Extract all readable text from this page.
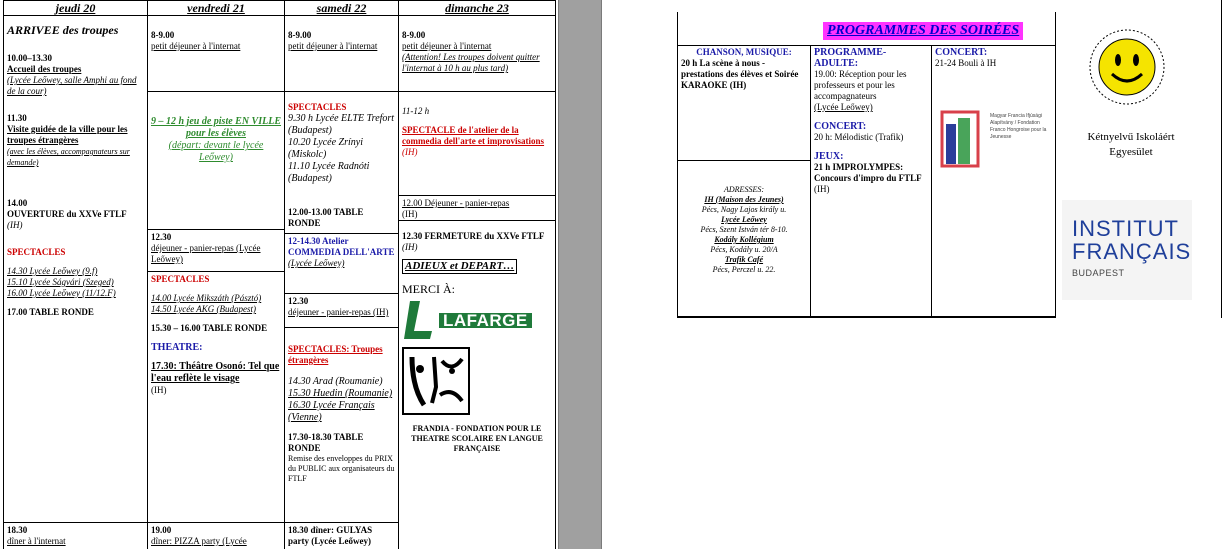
jeudi 20
ARRIVEE des troupes
10.00–13.30
Accueil des troupes
(Lycée Leőwey, salle Amphi au fond de la cour)
11.30
Visite guidée de la ville pour les troupes étrangères
(avec les élèves, accompagnateurs sur demande)
14.00
OUVERTURE du XXVe FTLF
(IH)
SPECTACLES
14.30 Lycée Leőwey (9.f)
15.10 Lycée Ságvári (Szeged)
16.00 Lycée Leőwey (11/12.F)
17.00 TABLE RONDE
18.30
dîner à l'internat
vendredi 21
8-9.00
petit déjeuner à l'internat
9 – 12 h jeu de piste EN VILLE pour les élèves
(départ: devant le lycée Leőwey)
12.30
déjeuner - panier-repas (Lycée Leőwey)
SPECTACLES
14.00 Lycée Mikszáth (Pásztó)
14.50 Lycée AKG (Budapest)
15.30 – 16.00 TABLE RONDE
THEATRE:
17.30: Théâtre Osonó: Tel que l'eau reflète le visage
(IH)
19.00
dîner: PIZZA party (Lycée
samedi 22
8-9.00
petit déjeuner à l'internat
SPECTACLES
9.30 h Lycée ELTE Trefort (Budapest)
10.20 Lycée Zrínyi (Miskolc)
11.10 Lycée Radnóti (Budapest)
12.00-13.00 TABLE RONDE
12-14.30 Atelier COMMEDIA DELL'ARTE
(Lycée Leőwey)
12.30
déjeuner - panier-repas (IH)
SPECTACLES: Troupes étrangères
14.30 Arad (Roumanie)
15.30 Huedin (Roumanie)
16.30 Lycée Français (Vienne)
17.30-18.30 TABLE RONDE
Remise des enveloppes du PRIX du PUBLIC aux organisateurs du FTLF
18.30 dîner: GULYAS party (Lycée Leőwey)
dimanche 23
8-9.00
petit déjeuner à l'internat
(Attention! Les troupes doivent quitter l'internat à 10 h au plus tard)
11-12 h
SPECTACLE de l'atelier de la commedia dell'arte et improvisations
(IH)
12.00 Déjeuner - panier-repas
(IH)
12.30 FERMETURE du XXVe FTLF
(IH)
ADIEUX et DEPART…
MERCI À:
LAFARGE
FRANDIA - FONDATION POUR LE THEATRE SCOLAIRE EN LANGUE FRANÇAISE
PROGRAMMES DES SOIRÉES
CHANSON, MUSIQUE:
20 h La scène à nous - prestations des élèves et Soirée KARAOKE (IH)
ADRESSES:
IH (Maison des Jeunes)
Pécs, Nagy Lajos király u.
Lycée Leőwey
Pécs, Szent István tér 8-10.
Kodály Kollégium
Pécs, Kodály u. 20/A
Trafik Café
Pécs, Perczel u. 22.
PROGRAMME-ADULTE:
19.00: Réception pour les professeurs et pour les accompagnateurs
(Lycée Leőwey)
CONCERT:
20 h: Mélodistic (Trafik)
JEUX:
21 h IMPROLYMPES: Concours d'impro du FTLF
(IH)
CONCERT:
21-24 Bouli à IH
Magyar Francia Ifjúsági Alapítvány / Fondation Franco Hongroise pour la Jeunesse	Kétnyelvű Iskoláért Egyesület
INSTITUT
FRANÇAIS
BUDAPEST
